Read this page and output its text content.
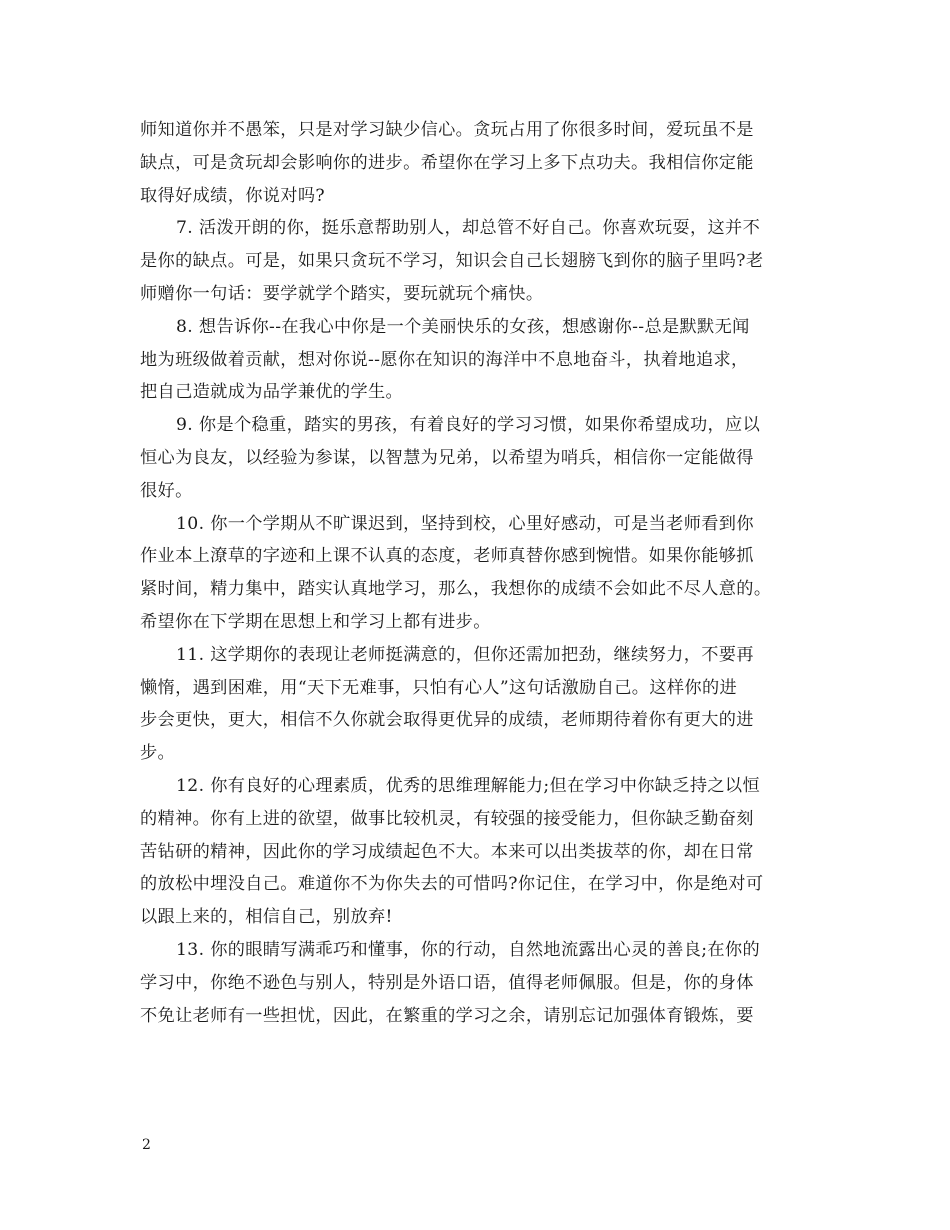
师知道你并不愚笨，只是对学习缺少信心。贪玩占用了你很多时间，爱玩虽不是
缺点，可是贪玩却会影响你的进步。希望你在学习上多下点功夫。我相信你定能
取得好成绩，你说对吗?
7. 活泼开朗的你，挺乐意帮助别人，却总管不好自己。你喜欢玩耍，这并不
是你的缺点。可是，如果只贪玩不学习，知识会自己长翅膀飞到你的脑子里吗?老
师赠你一句话：要学就学个踏实，要玩就玩个痛快。
8. 想告诉你--在我心中你是一个美丽快乐的女孩，想感谢你--总是默默无闻
地为班级做着贡献，想对你说--愿你在知识的海洋中不息地奋斗，执着地追求，
把自己造就成为品学兼优的学生。
9. 你是个稳重，踏实的男孩，有着良好的学习习惯，如果你希望成功，应以
恒心为良友，以经验为参谋，以智慧为兄弟，以希望为哨兵，相信你一定能做得
很好。
10. 你一个学期从不旷课迟到，坚持到校，心里好感动，可是当老师看到你
作业本上潦草的字迹和上课不认真的态度，老师真替你感到惋惜。如果你能够抓
紧时间，精力集中，踏实认真地学习，那么，我想你的成绩不会如此不尽人意的。
希望你在下学期在思想上和学习上都有进步。
11. 这学期你的表现让老师挺满意的，但你还需加把劲，继续努力，不要再
懒惰，遇到困难，用“天下无难事，只怕有心人”这句话激励自己。这样你的进
步会更快，更大，相信不久你就会取得更优异的成绩，老师期待着你有更大的进
步。
12. 你有良好的心理素质，优秀的思维理解能力;但在学习中你缺乏持之以恒
的精神。你有上进的欲望，做事比较机灵，有较强的接受能力，但你缺乏勤奋刻
苦钻研的精神，因此你的学习成绩起色不大。本来可以出类拔萃的你，却在日常
的放松中埋没自己。难道你不为你失去的可惜吗?你记住，在学习中，你是绝对可
以跟上来的，相信自己，别放弃!
13. 你的眼睛写满乖巧和懂事，你的行动，自然地流露出心灵的善良;在你的
学习中，你绝不逊色与别人，特别是外语口语，值得老师佩服。但是，你的身体
不免让老师有一些担忧，因此，在繁重的学习之余，请别忘记加强体育锻炼，要
2
